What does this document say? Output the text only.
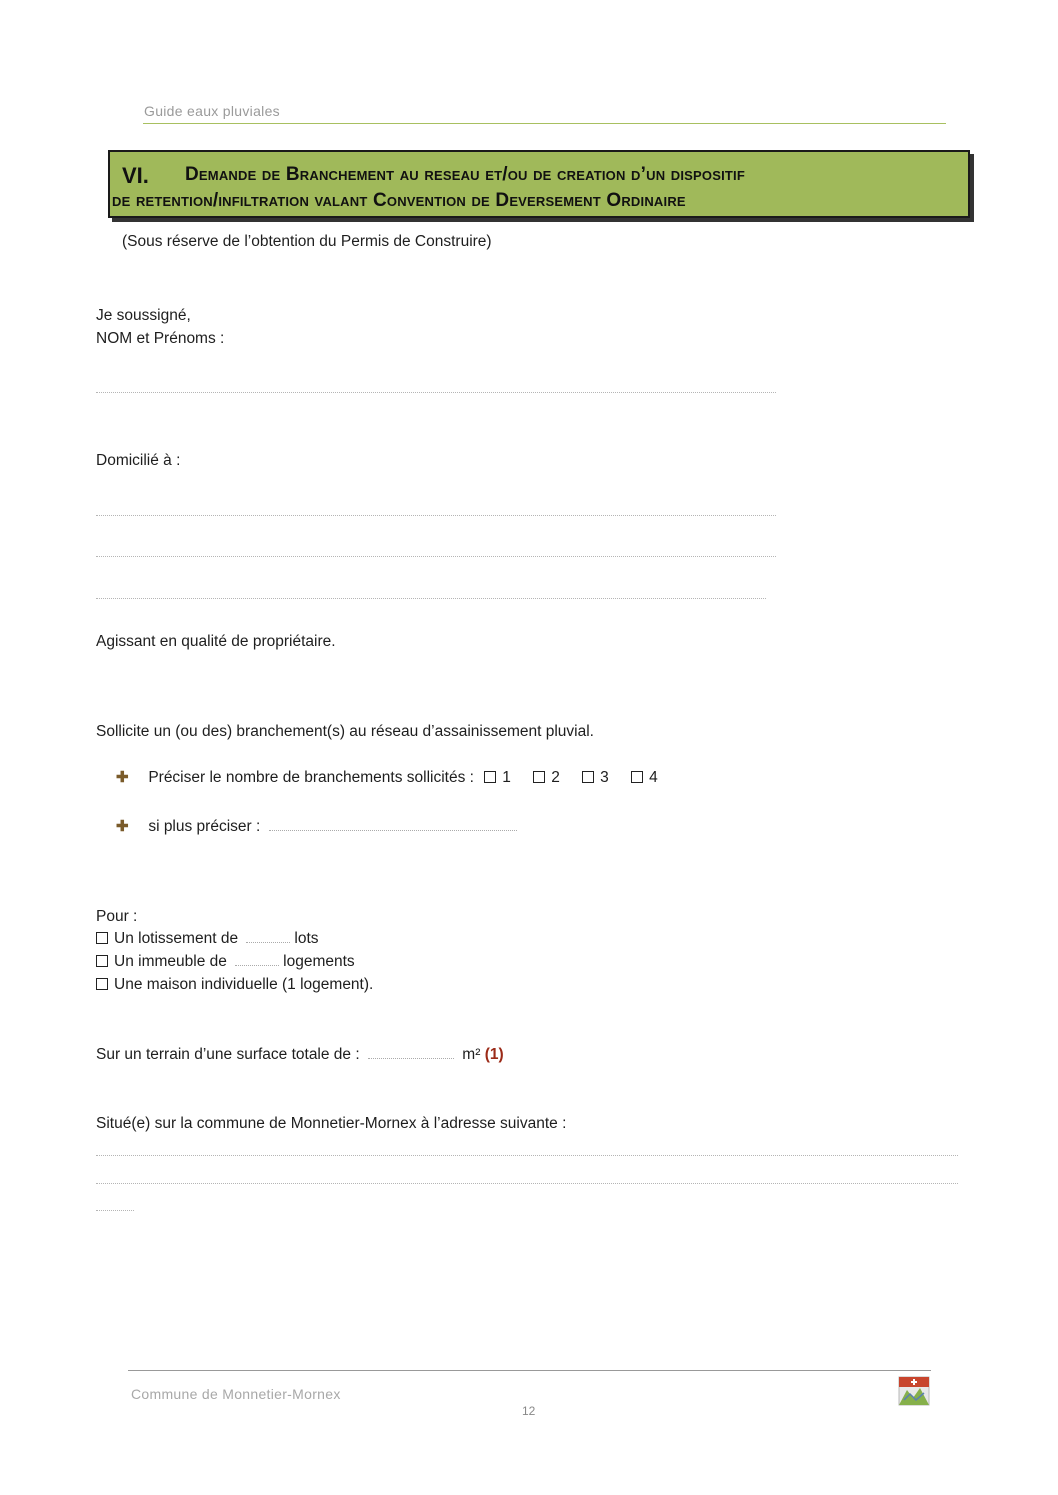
Guide eaux pluviales
VI. Demande de Branchement au reseau et/ou de creation d’un dispositif
de retention/infiltration valant Convention de Deversement Ordinaire
(Sous réserve de l’obtention du Permis de Construire)
Je soussigné,
NOM et Prénoms :
Domicilié à :
Agissant en qualité de propriétaire.
Sollicite un (ou des) branchement(s) au réseau d’assainissement pluvial.
✚ Préciser le nombre de branchements sollicités : 1	2	3	4
✚ si plus préciser :
Pour :
Un lotissement de	lots
Un immeuble de	logements
Une maison individuelle (1 logement).
Sur un terrain d’une surface totale de :	m² (1)
Situé(e) sur la commune de Monnetier-Mornex à l’adresse suivante :
Commune de Monnetier-Mornex
12
